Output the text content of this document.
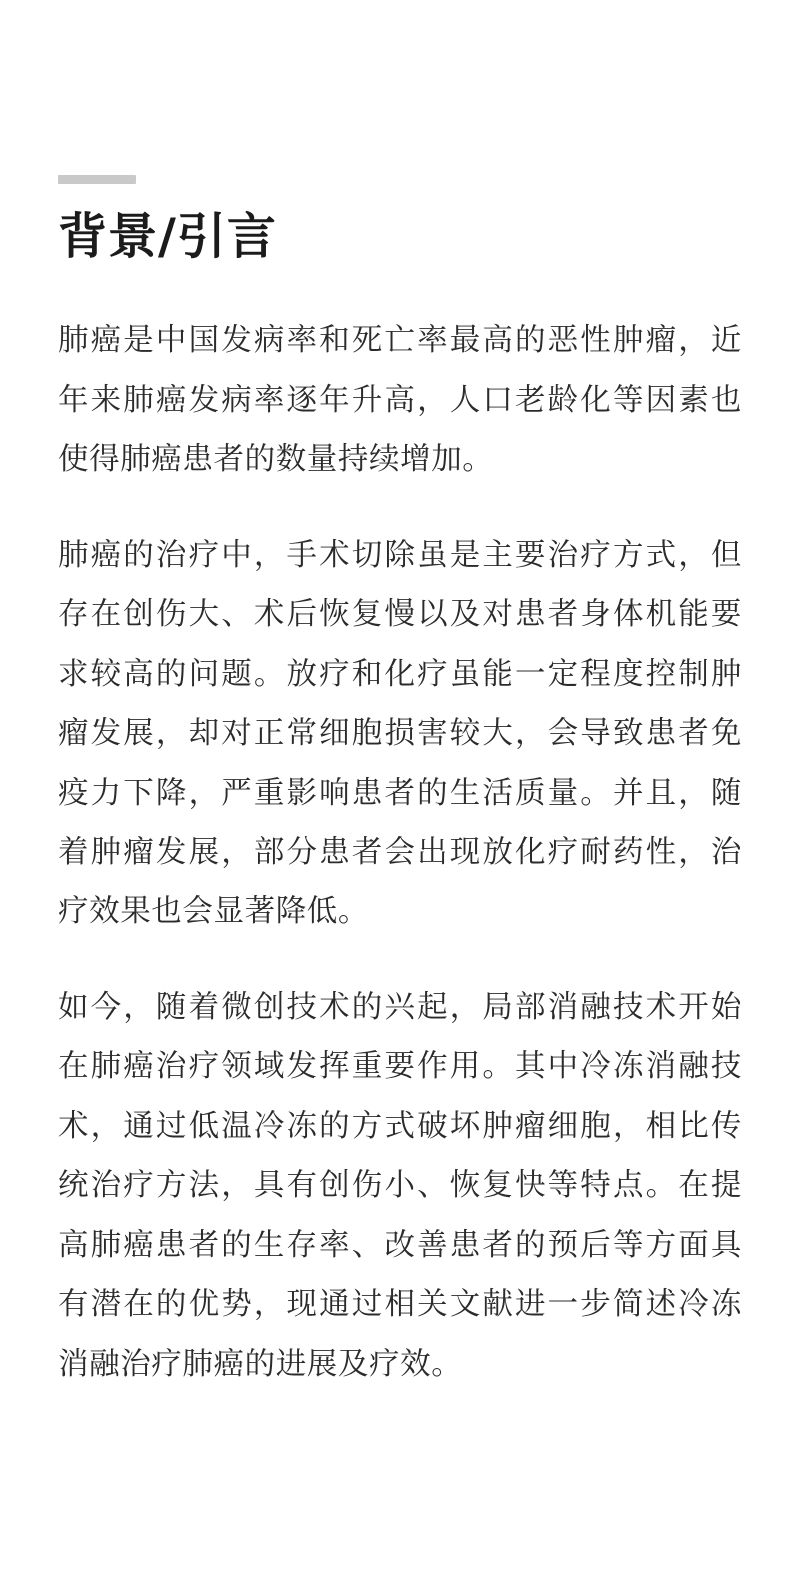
背景/引言

肺癌是中国发病率和死亡率最高的恶性肿瘤，近年来肺癌发病率逐年升高，人口老龄化等因素也使得肺癌患者的数量持续增加。

肺癌的治疗中，手术切除虽是主要治疗方式，但存在创伤大、术后恢复慢以及对患者身体机能要求较高的问题。放疗和化疗虽能一定程度控制肿瘤发展，却对正常细胞损害较大，会导致患者免疫力下降，严重影响患者的生活质量。并且，随着肿瘤发展，部分患者会出现放化疗耐药性，治疗效果也会显著降低。

如今，随着微创技术的兴起，局部消融技术开始在肺癌治疗领域发挥重要作用。其中冷冻消融技术，通过低温冷冻的方式破坏肿瘤细胞，相比传统治疗方法，具有创伤小、恢复快等特点。在提高肺癌患者的生存率、改善患者的预后等方面具有潜在的优势，现通过相关文献进一步简述冷冻消融治疗肺癌的进展及疗效。
